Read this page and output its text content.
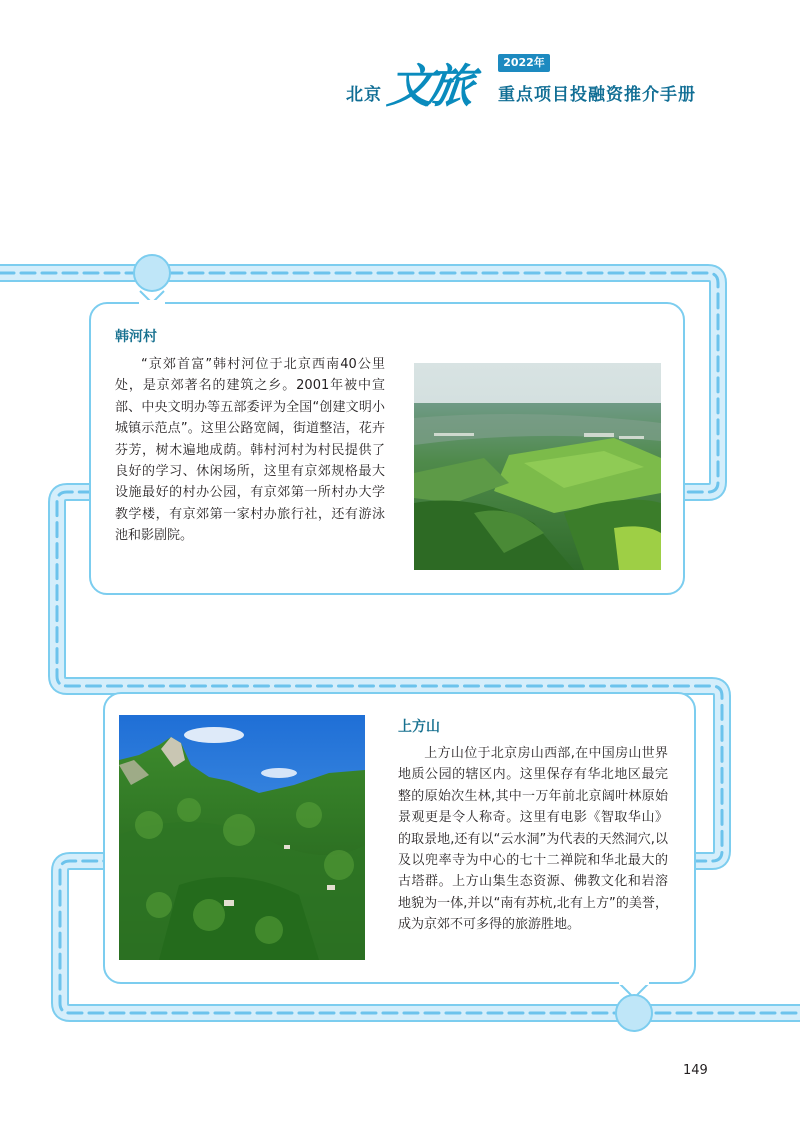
北京 文旅	2022年
重点项目投融资推介手册
韩河村

“京郊首富”韩村河位于北京西南40公里处，是京郊著名的建筑之乡。2001年被中宣部、中央文明办等五部委评为全国“创建文明小城镇示范点”。这里公路宽阔，街道整洁，花卉芬芳，树木遍地成荫。韩村河村为村民提供了良好的学习、休闲场所，这里有京郊规格最大设施最好的村办公园，有京郊第一所村办大学教学楼，有京郊第一家村办旅行社，还有游泳池和影剧院。

上方山

上方山位于北京房山西部,在中国房山世界地质公园的辖区内。这里保存有华北地区最完整的原始次生林,其中一万年前北京阔叶林原始景观更是令人称奇。这里有电影《智取华山》的取景地,还有以“云水洞”为代表的天然洞穴,以及以兜率寺为中心的七十二禅院和华北最大的古塔群。上方山集生态资源、佛教文化和岩溶地貌为一体,并以“南有苏杭,北有上方”的美誉，成为京郊不可多得的旅游胜地。

149
